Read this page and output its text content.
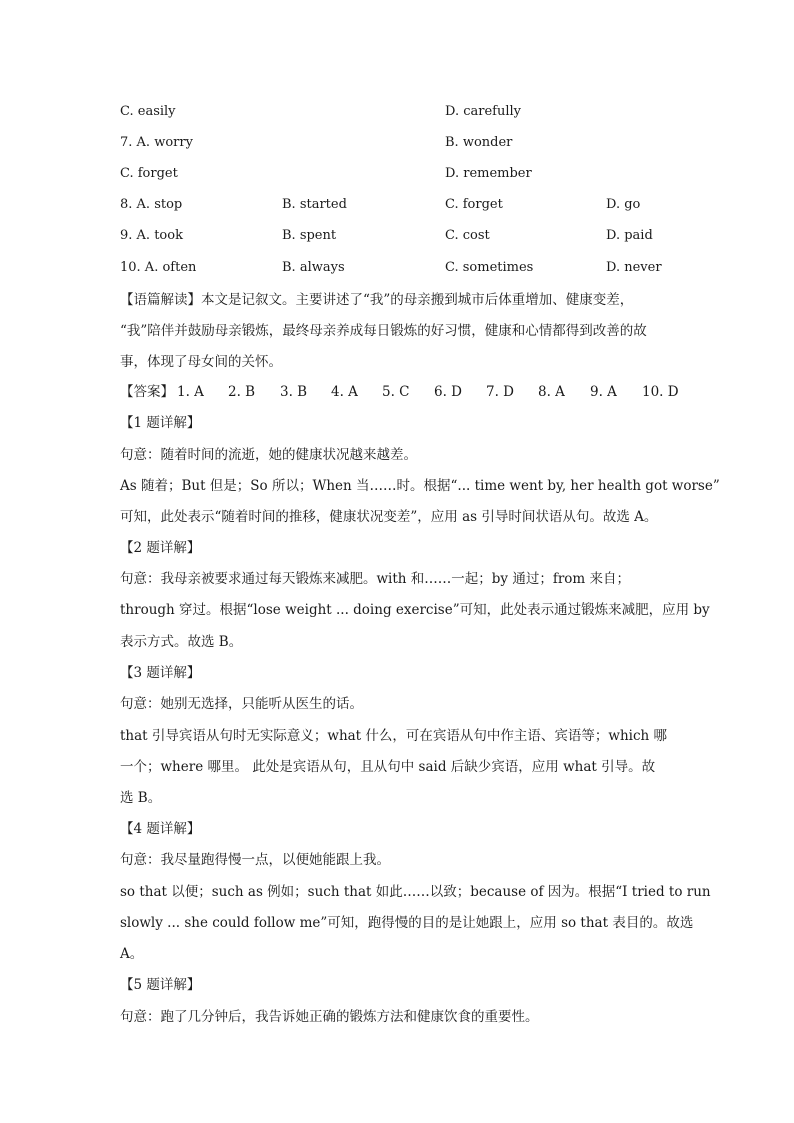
C. easily	D. carefully
7. A. worry	B. wonder
C. forget	D. remember
8. A. stop	B. started	C. forget	D. go
9. A. took	B. spent	C. cost	D. paid
10. A. often	B. always	C. sometimes	D. never
【语篇解读】本文是记叙文。主要讲述了“我”的母亲搬到城市后体重增加、健康变差，
“我”陪伴并鼓励母亲锻炼，最终母亲养成每日锻炼的好习惯，健康和心情都得到改善的故
事，体现了母女间的关怀。
【答案】 1. A 2. B 3. B 4. A 5. C 6. D 7. D 8. A 9. A 10. D
【1 题详解】
句意：随着时间的流逝，她的健康状况越来越差。
As 随着；But 但是；So 所以；When 当……时。根据“... time went by, her health got worse”
可知，此处表示“随着时间的推移，健康状况变差”，应用 as 引导时间状语从句。故选 A。
【2 题详解】
句意：我母亲被要求通过每天锻炼来减肥。with 和……一起；by 通过；from 来自；
through 穿过。根据“lose weight ... doing exercise”可知，此处表示通过锻炼来减肥，应用 by
表示方式。故选 B。
【3 题详解】
句意：她别无选择，只能听从医生的话。
that 引导宾语从句时无实际意义；what 什么，可在宾语从句中作主语、宾语等；which 哪
一个；where 哪里。 此处是宾语从句，且从句中 said 后缺少宾语，应用 what 引导。故
选 B。
【4 题详解】
句意：我尽量跑得慢一点，以便她能跟上我。
so that 以便；such as 例如；such that 如此……以致；because of 因为。根据“I tried to run
slowly ... she could follow me”可知，跑得慢的目的是让她跟上，应用 so that 表目的。故选
A。
【5 题详解】
句意：跑了几分钟后，我告诉她正确的锻炼方法和健康饮食的重要性。
